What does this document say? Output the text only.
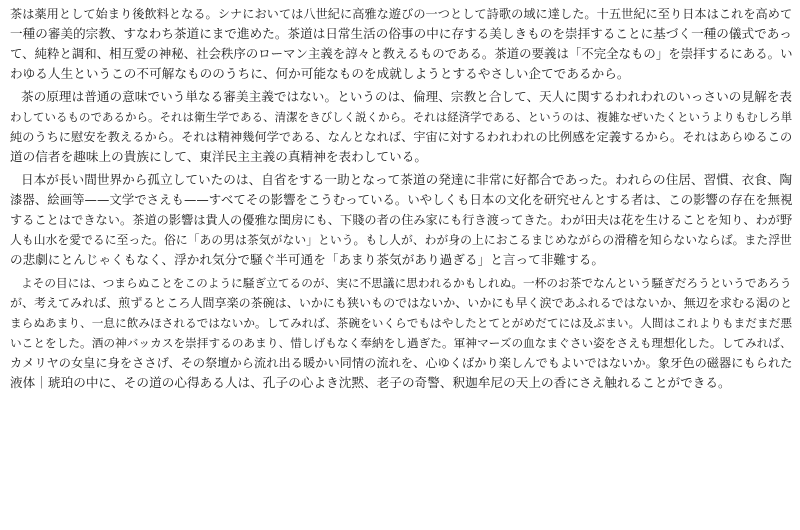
茶は薬用として始まり後飲料となる。シナにおいては八世紀に高雅な遊びの一つとして詩歌の域に達した。十五世紀に至り日本はこれを高めて
一種の審美的宗教、すなわち茶道にまで進めた。茶道は日常生活の俗事の中に存する美しきものを崇拝することに基づく一種の儀式であっ
て、純粋と調和、相互愛の神秘、社会秩序のローマン主義を諄々と教えるものである。茶道の要義は「不完全なもの」を崇拝するにある。い
わゆる人生というこの不可解なもののうちに、何か可能なものを成就しようとするやさしい企てであるから。
茶の原理は普通の意味でいう単なる審美主義ではない。というのは、倫理、宗教と合して、天人に関するわれわれのいっさいの見解を表
わしているものであるから。それは衛生学である、清潔をきびしく説くから。それは経済学である、というのは、複雑なぜいたくというよりもむしろ単
純のうちに慰安を教えるから。それは精神幾何学である、なんとなれば、宇宙に対するわれわれの比例感を定義するから。それはあらゆるこの
道の信者を趣味上の貴族にして、東洋民主主義の真精神を表わしている。
日本が長い間世界から孤立していたのは、自省をする一助となって茶道の発達に非常に好都合であった。われらの住居、習慣、衣食、陶
漆器、絵画等——文学でさえも——すべてその影響をこうむっている。いやしくも日本の文化を研究せんとする者は、この影響の存在を無視
することはできない。茶道の影響は貴人の優雅な閨房にも、下賤の者の住み家にも行き渡ってきた。わが田夫は花を生けることを知り、わが野
人も山水を愛でるに至った。俗に「あの男は茶気がない」という。もし人が、わが身の上におこるまじめながらの滑稽を知らないならば。また浮世
の悲劇にとんじゃくもなく、浮かれ気分で騒ぐ半可通を「あまり茶気があり過ぎる」と言って非難する。
よその目には、つまらぬことをこのように騒ぎ立てるのが、実に不思議に思われるかもしれぬ。一杯のお茶でなんという騒ぎだろうというであろう
が、考えてみれば、煎ずるところ人間享楽の茶碗は、いかにも狭いものではないか、いかにも早く涙であふれるではないか、無辺を求むる渇のと
まらぬあまり、一息に飲みほされるではないか。してみれば、茶碗をいくらでもはやしたとてとがめだてには及ぶまい。人間はこれよりもまだまだ悪
いことをした。酒の神バッカスを崇拝するのあまり、惜しげもなく奉納をし過ぎた。軍神マーズの血なまぐさい姿をさえも理想化した。してみれば、
カメリヤの女皇に身をささげ、その祭壇から流れ出る暖かい同情の流れを、心ゆくばかり楽しんでもよいではないか。象牙色の磁器にもられた
液体｜琥珀の中に、その道の心得ある人は、孔子の心よき沈黙、老子の奇警、釈迦牟尼の天上の香にさえ触れることができる。
